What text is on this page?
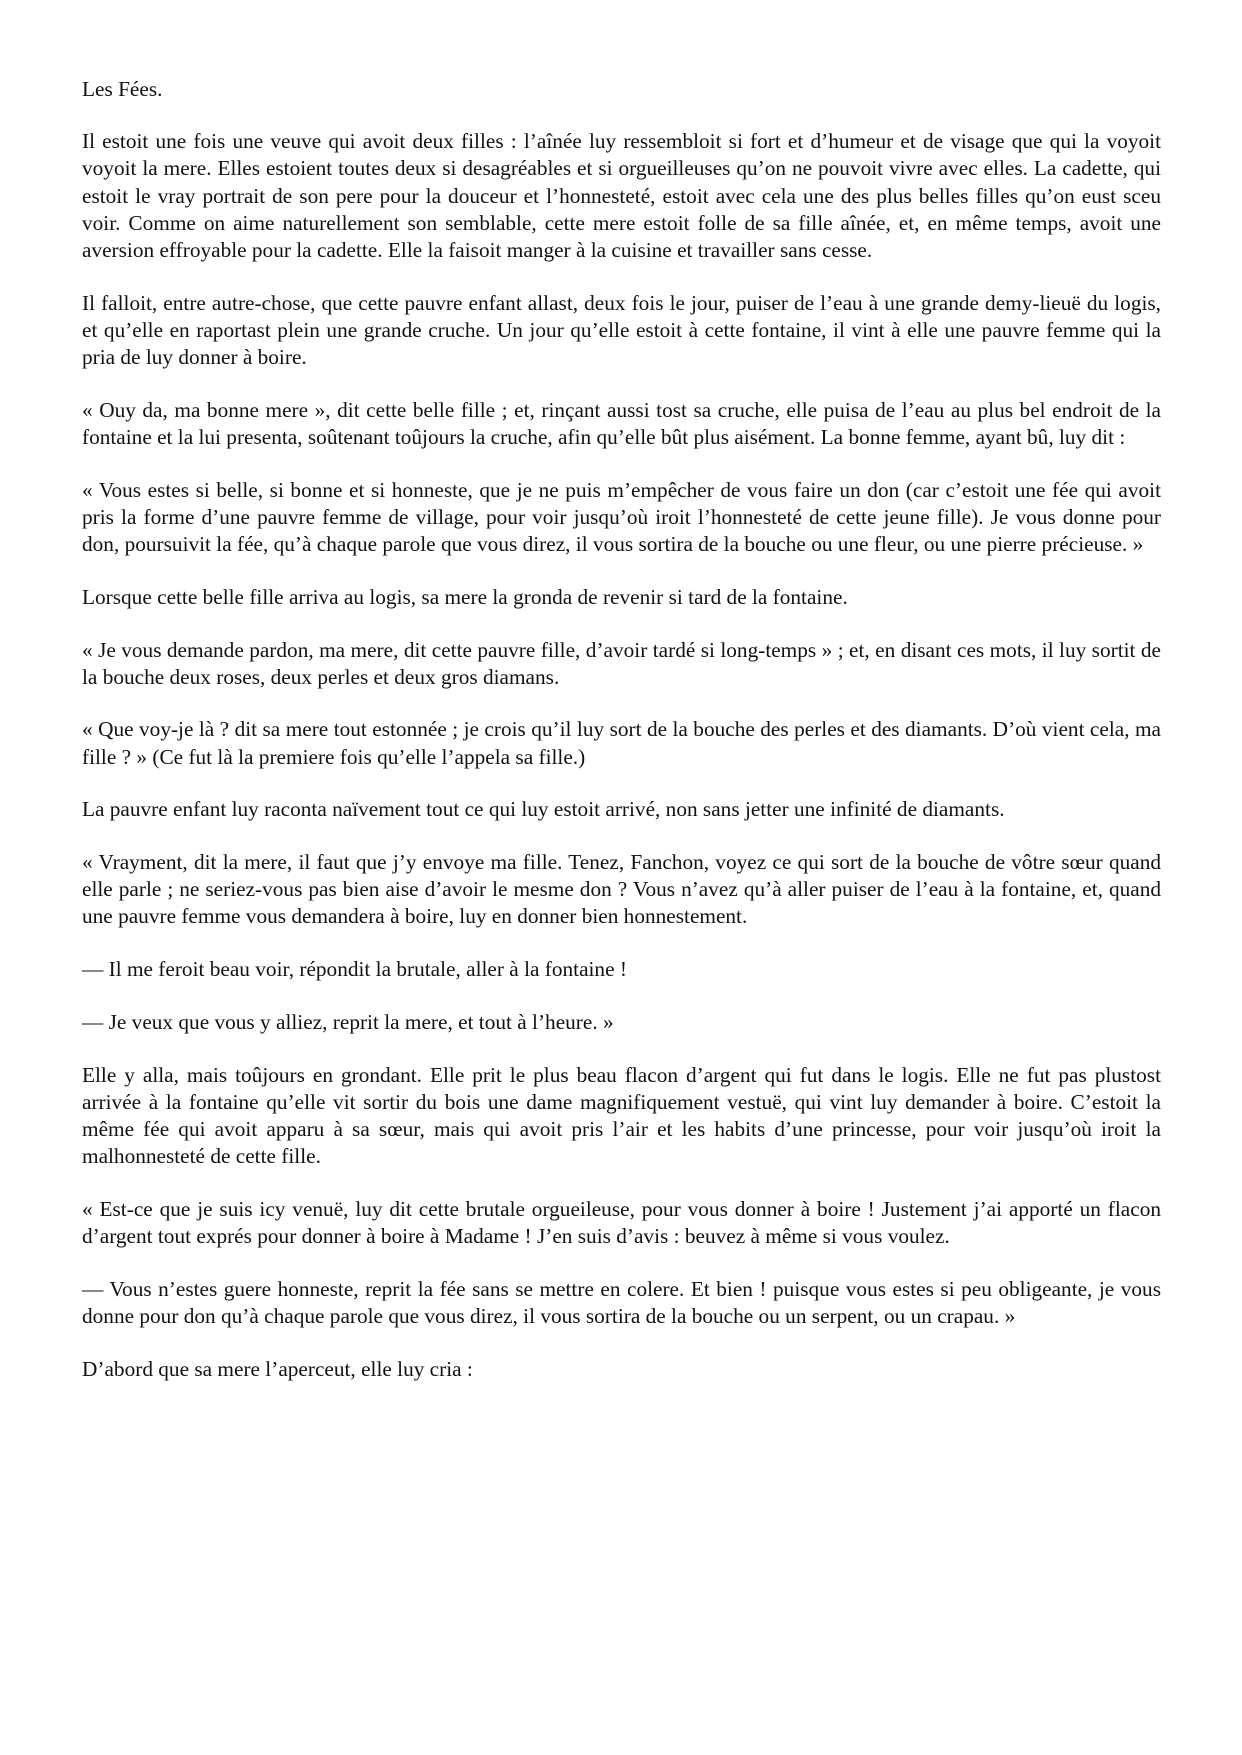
Les Fées.

Il estoit une fois une veuve qui avoit deux filles : l’aînée luy ressembloit si fort et d’humeur et de visage que qui la voyoit voyoit la mere. Elles estoient toutes deux si desagréables et si orgueilleuses qu’on ne pouvoit vivre avec elles. La cadette, qui estoit le vray portrait de son pere pour la douceur et l’honnesteté, estoit avec cela une des plus belles filles qu’on eust sceu voir. Comme on aime naturellement son semblable, cette mere estoit folle de sa fille aînée, et, en même temps, avoit une aversion effroyable pour la cadette. Elle la faisoit manger à la cuisine et travailler sans cesse.

Il falloit, entre autre-chose, que cette pauvre enfant allast, deux fois le jour, puiser de l’eau à une grande demy-lieuë du logis, et qu’elle en raportast plein une grande cruche. Un jour qu’elle estoit à cette fontaine, il vint à elle une pauvre femme qui la pria de luy donner à boire.

« Ouy da, ma bonne mere », dit cette belle fille ; et, rinçant aussi tost sa cruche, elle puisa de l’eau au plus bel endroit de la fontaine et la lui presenta, soûtenant toûjours la cruche, afin qu’elle bût plus aisément. La bonne femme, ayant bû, luy dit :

« Vous estes si belle, si bonne et si honneste, que je ne puis m’empêcher de vous faire un don (car c’estoit une fée qui avoit pris la forme d’une pauvre femme de village, pour voir jusqu’où iroit l’honnesteté de cette jeune fille). Je vous donne pour don, poursuivit la fée, qu’à chaque parole que vous direz, il vous sortira de la bouche ou une fleur, ou une pierre précieuse. »

Lorsque cette belle fille arriva au logis, sa mere la gronda de revenir si tard de la fontaine.

« Je vous demande pardon, ma mere, dit cette pauvre fille, d’avoir tardé si long-temps » ; et, en disant ces mots, il luy sortit de la bouche deux roses, deux perles et deux gros diamans.

« Que voy-je là ? dit sa mere tout estonnée ; je crois qu’il luy sort de la bouche des perles et des diamants. D’où vient cela, ma fille ? » (Ce fut là la premiere fois qu’elle l’appela sa fille.)

La pauvre enfant luy raconta naïvement tout ce qui luy estoit arrivé, non sans jetter une infinité de diamants.

« Vrayment, dit la mere, il faut que j’y envoye ma fille. Tenez, Fanchon, voyez ce qui sort de la bouche de vôtre sœur quand elle parle ; ne seriez-vous pas bien aise d’avoir le mesme don ? Vous n’avez qu’à aller puiser de l’eau à la fontaine, et, quand une pauvre femme vous demandera à boire, luy en donner bien honnestement.

— Il me feroit beau voir, répondit la brutale, aller à la fontaine !

— Je veux que vous y alliez, reprit la mere, et tout à l’heure. »

Elle y alla, mais toûjours en grondant. Elle prit le plus beau flacon d’argent qui fut dans le logis. Elle ne fut pas plustost arrivée à la fontaine qu’elle vit sortir du bois une dame magnifiquement vestuë, qui vint luy demander à boire. C’estoit la même fée qui avoit apparu à sa sœur, mais qui avoit pris l’air et les habits d’une princesse, pour voir jusqu’où iroit la malhonnesteté de cette fille.

« Est-ce que je suis icy venuë, luy dit cette brutale orgueileuse, pour vous donner à boire ! Justement j’ai apporté un flacon d’argent tout exprés pour donner à boire à Madame ! J’en suis d’avis : beuvez à même si vous voulez.

— Vous n’estes guere honneste, reprit la fée sans se mettre en colere. Et bien ! puisque vous estes si peu obligeante, je vous donne pour don qu’à chaque parole que vous direz, il vous sortira de la bouche ou un serpent, ou un crapau. »

D’abord que sa mere l’aperceut, elle luy cria :
